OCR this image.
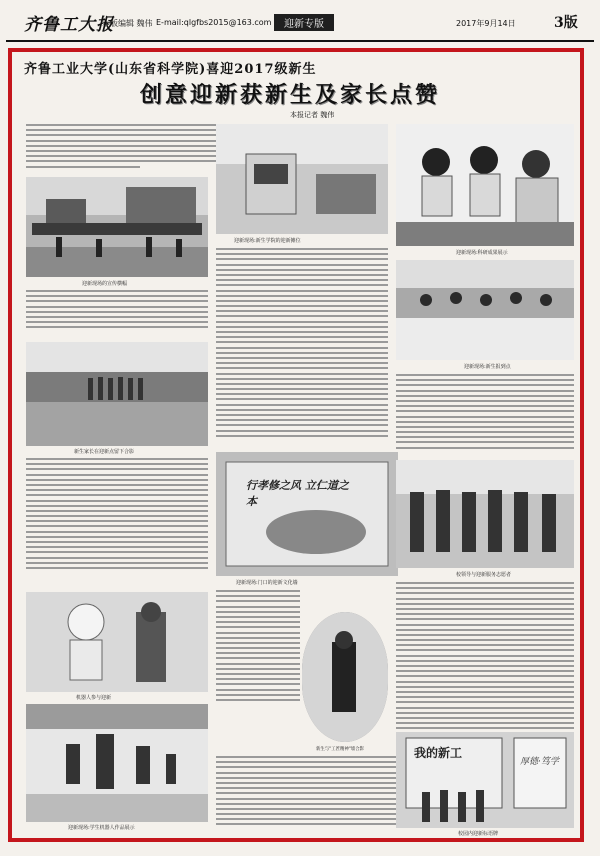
齐鲁工大报
本版编辑 魏伟 E-mail:qlgfbs2015@163.com	迎新专版	2017年9月14日	3版
齐鲁工业大学(山东省科学院)喜迎2017级新生
创意迎新获新生及家长点赞
本报记者 魏伟
迎新现场的宣传横幅
新生家长在迎新点留下合影
机器人参与迎新
迎新现场:学生机器人作品展示
迎新现场:新生学院的迎新摊位
行孝修之风 立仁道之本
迎新现场:门口的迎新文化墙
新生与"工匠精神"墙合影
迎新现场:科研成果展示
迎新现场:新生报到点
校领导与迎新服务志愿者
我的新工
厚德·笃学
校园内迎新标语牌
